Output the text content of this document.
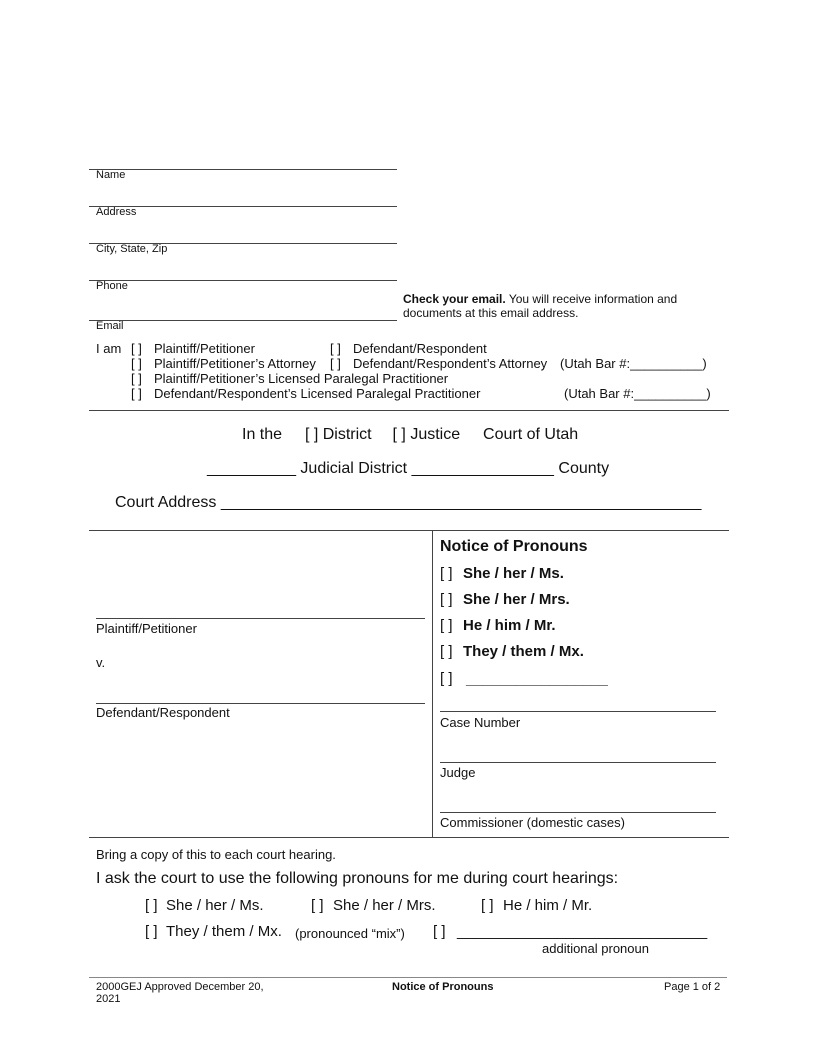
Name
Address
City, State, Zip
Phone
Check your email. You will receive information and
documents at this email address.
Email
I am [ ] Plaintiff/Petitioner	[ ] Defendant/Respondent
[ ] Plaintiff/Petitioner’s Attorney [ ] Defendant/Respondent’s Attorney (Utah Bar #:__________)
[ ] Plaintiff/Petitioner’s Licensed Paralegal Practitioner
[ ] Defendant/Respondent’s Licensed Paralegal Practitioner	(Utah Bar #:__________)
In the [ ] District [ ] Justice Court of Utah
__________ Judicial District ________________ County
Court Address ______________________________________________________
Plaintiff/Petitioner
v.
Defendant/Respondent
Notice of Pronouns
[ ] She / her / Ms.
[ ] She / her / Mrs.
[ ] He / him / Mr.
[ ] They / them / Mx.
[ ] _________________
Case Number
Judge
Commissioner (domestic cases)
Bring a copy of this to each court hearing.
I ask the court to use the following pronouns for me during court hearings:
[ ] She / her / Ms.	[ ] She / her / Mrs.	[ ] He / him / Mr.
[ ] They / them / Mx. (pronounced “mix”) [ ] ______________________________
additional pronoun
2000GEJ Approved December 20,
2021
Notice of Pronouns	Page 1 of 2
